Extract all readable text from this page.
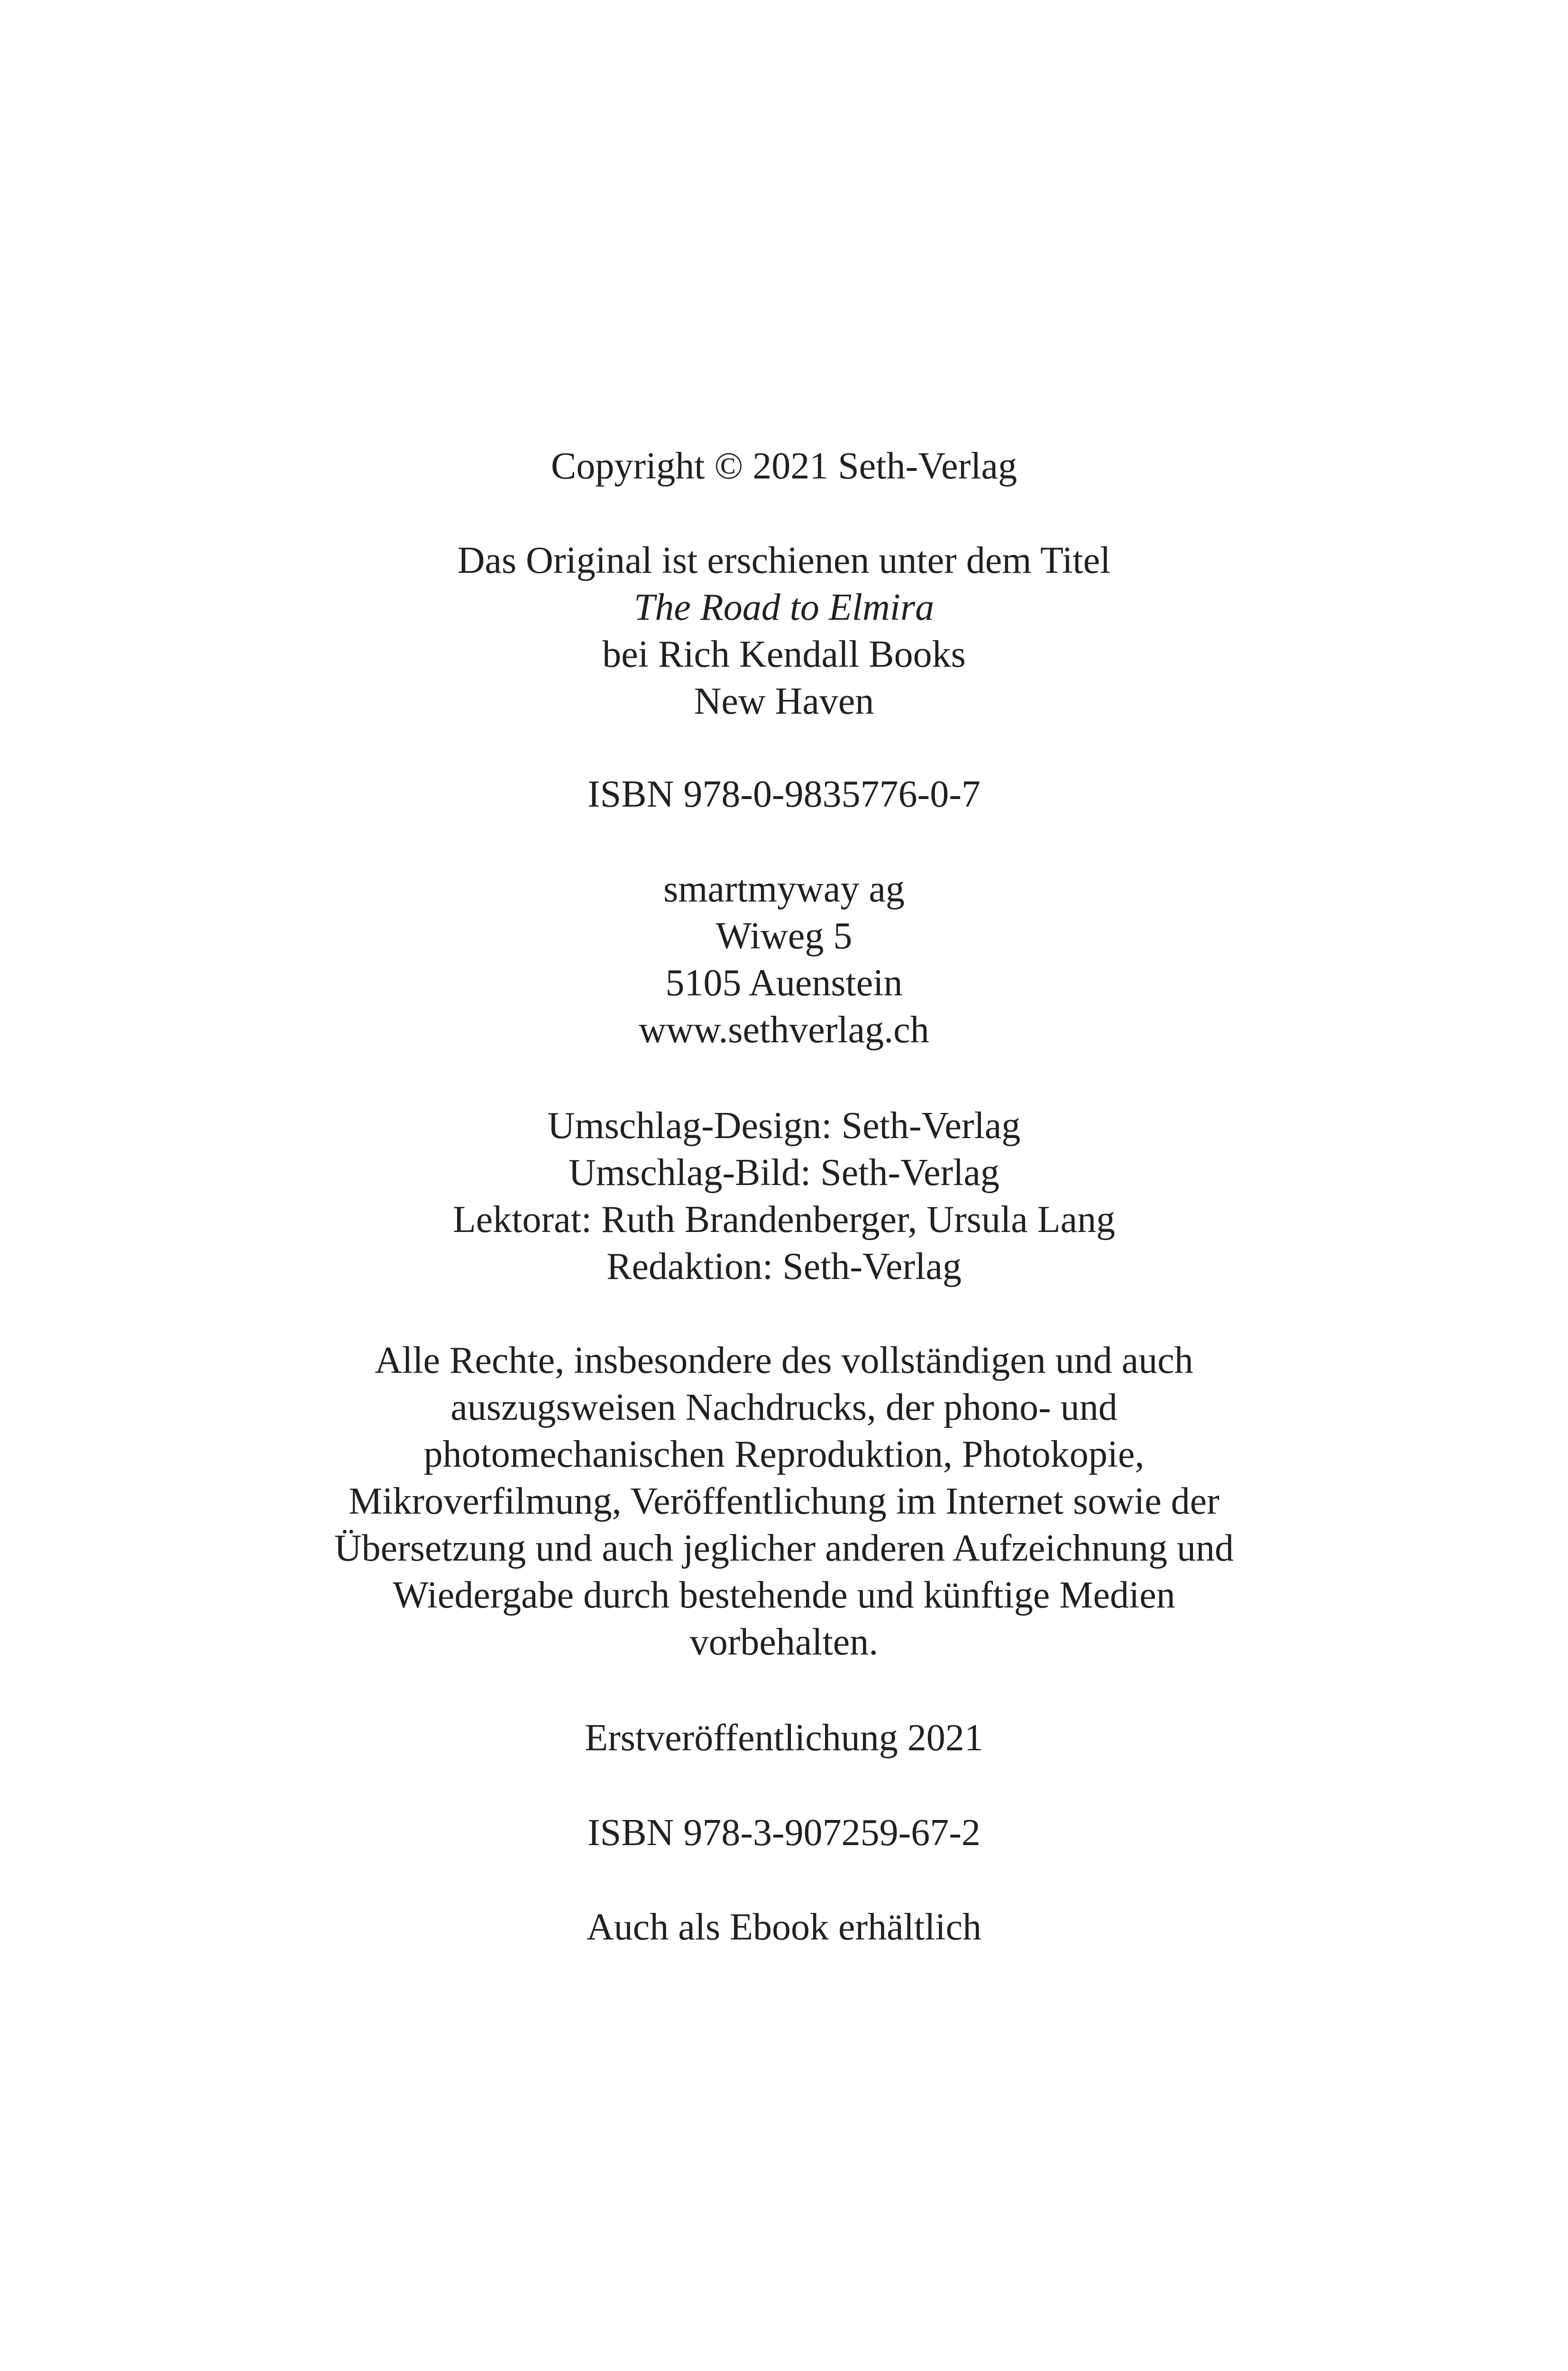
Copyright © 2021 Seth-Verlag
Das Original ist erschienen unter dem Titel
The Road to Elmira
bei Rich Kendall Books
New Haven
ISBN 978-0-9835776-0-7
smartmyway ag
Wiweg 5
5105 Auenstein
www.sethverlag.ch
Umschlag-Design: Seth-Verlag
Umschlag-Bild: Seth-Verlag
Lektorat: Ruth Brandenberger, Ursula Lang
Redaktion: Seth-Verlag
Alle Rechte, insbesondere des vollständigen und auch
auszugsweisen Nachdrucks, der phono- und
photomechanischen Reproduktion, Photokopie,
Mikroverfilmung, Veröffentlichung im Internet sowie der
Übersetzung und auch jeglicher anderen Aufzeichnung und
Wiedergabe durch bestehende und künftige Medien
vorbehalten.
Erstveröffentlichung 2021
ISBN 978-3-907259-67-2
Auch als Ebook erhältlich
